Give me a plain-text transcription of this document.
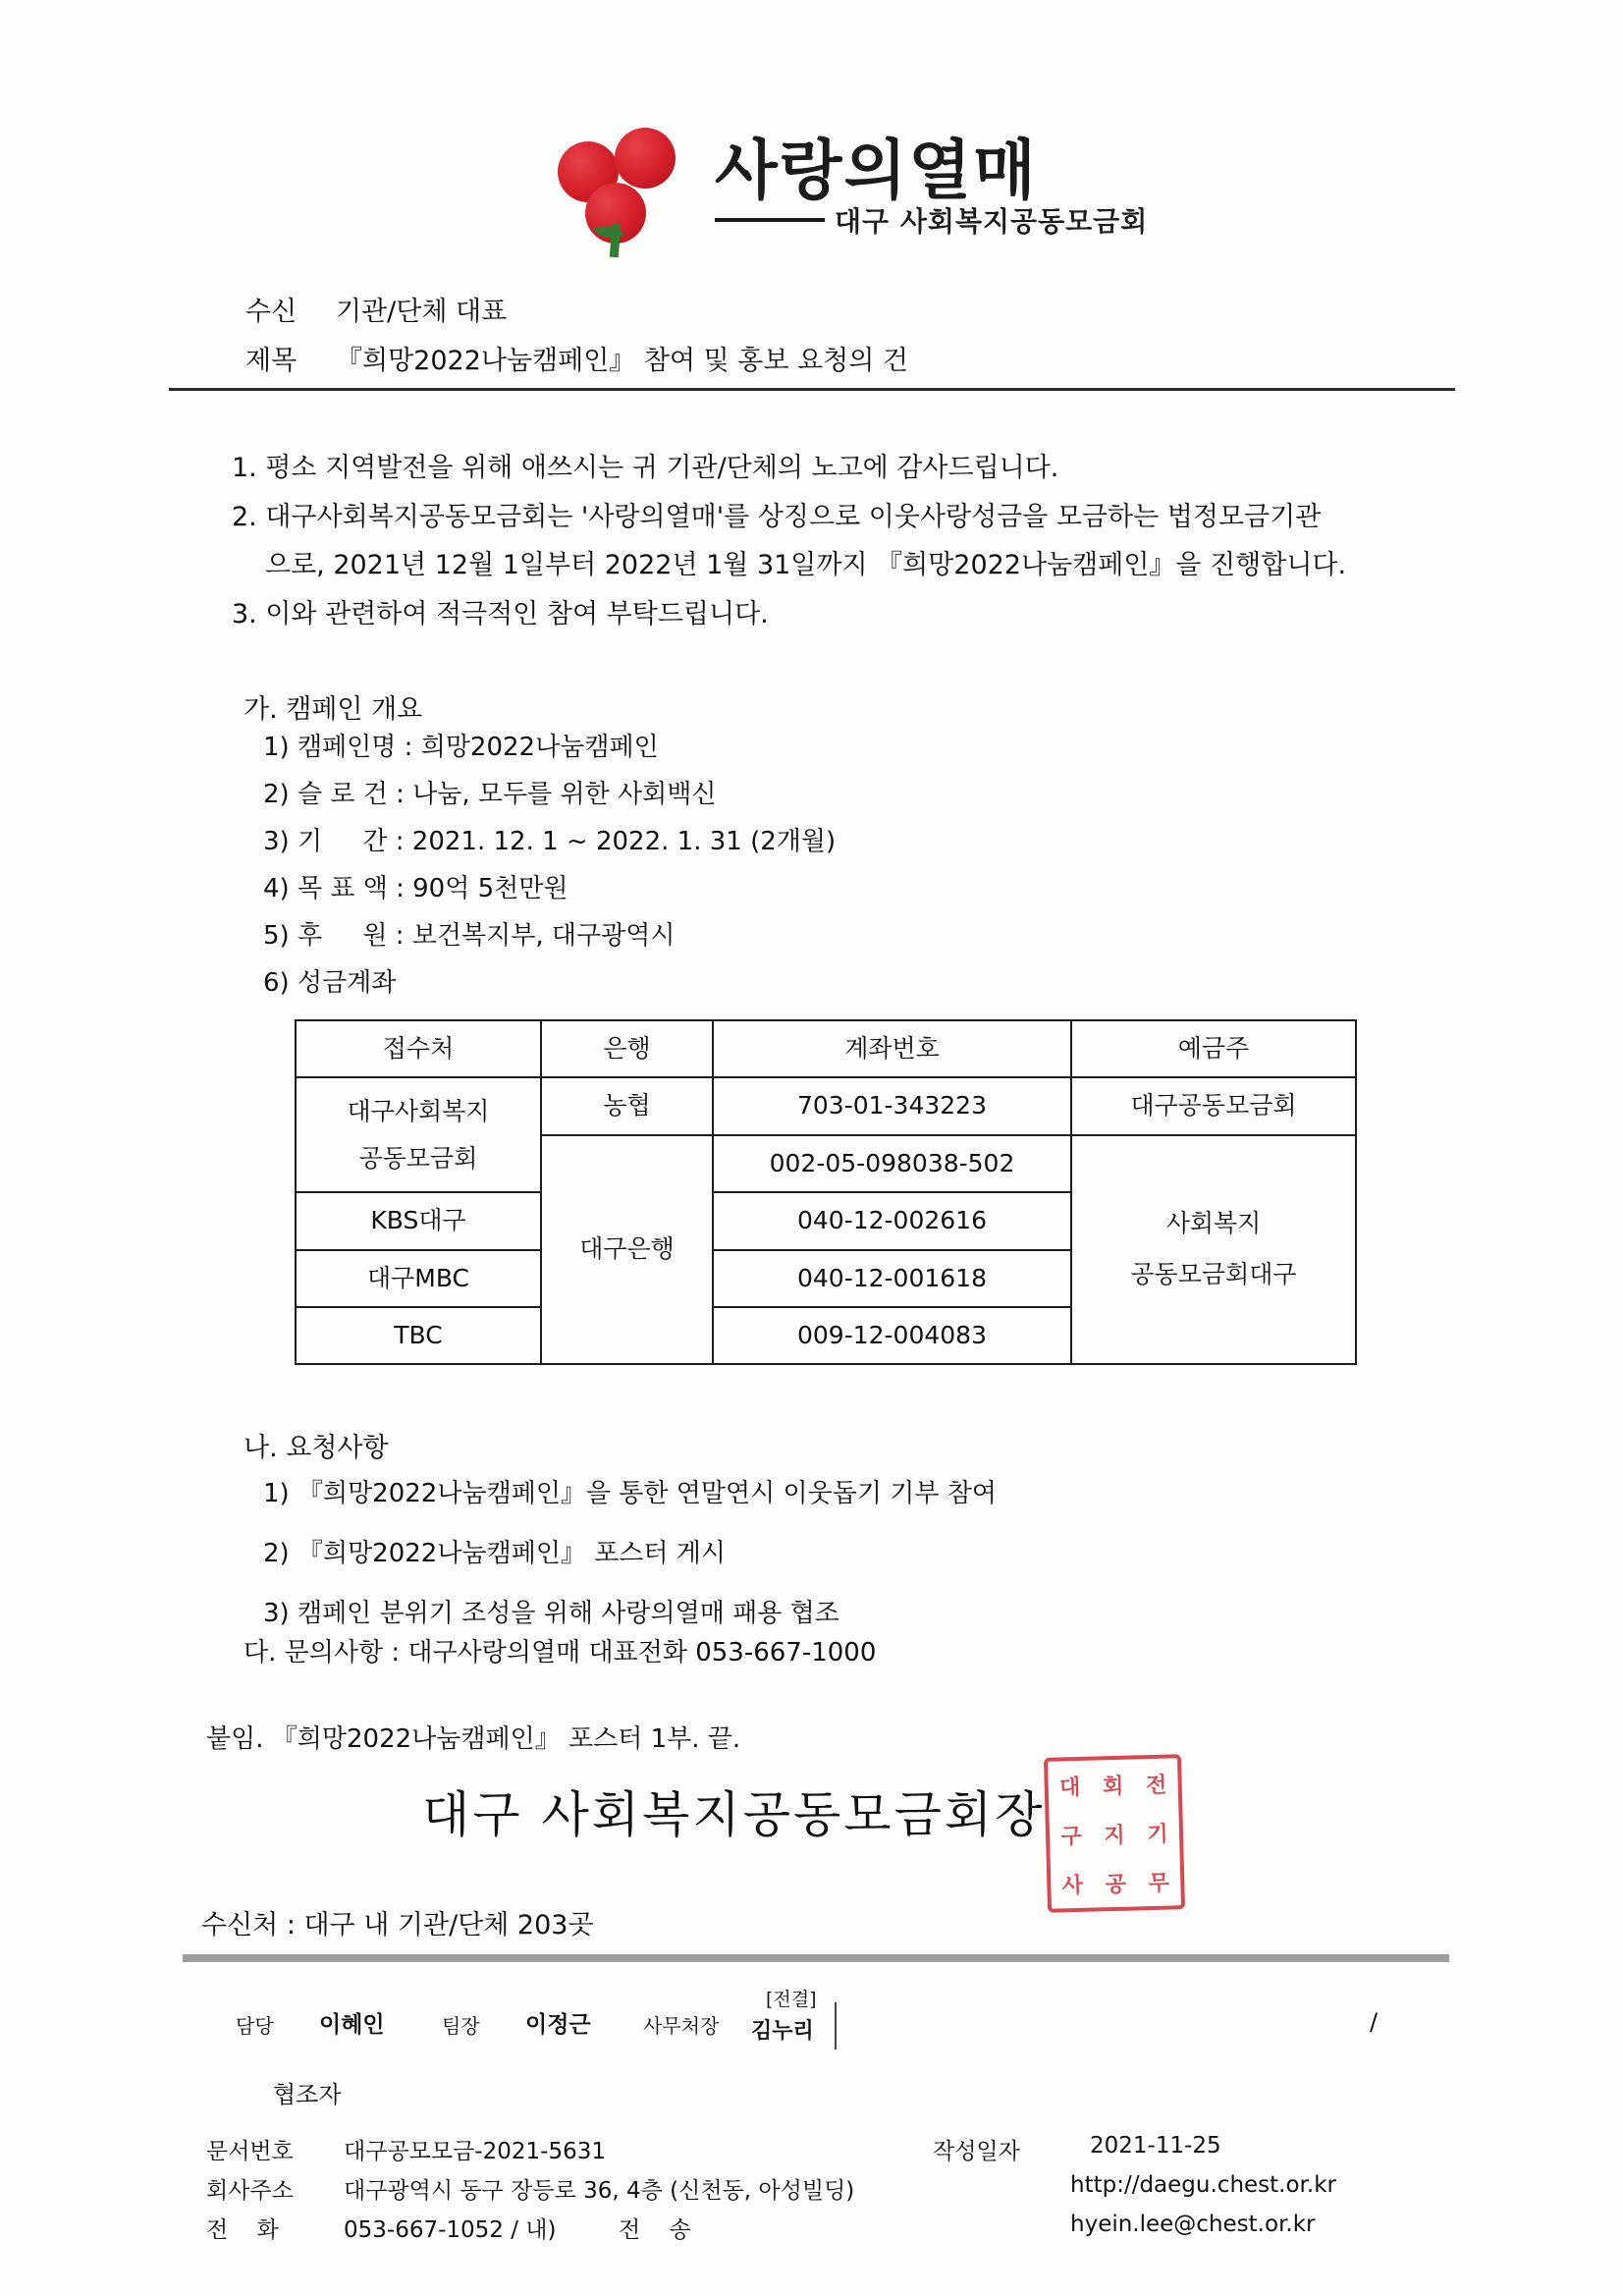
사랑의열매
대구 사회복지공동모금회
수신 기관/단체 대표
제목 『희망2022나눔캠페인』 참여 및 홍보 요청의 건
1. 평소 지역발전을 위해 애쓰시는 귀 기관/단체의 노고에 감사드립니다.
2. 대구사회복지공동모금회는 '사랑의열매'를 상징으로 이웃사랑성금을 모금하는 법정모금기관
으로, 2021년 12월 1일부터 2022년 1월 31일까지 『희망2022나눔캠페인』을 진행합니다.
3. 이와 관련하여 적극적인 참여 부탁드립니다.
가. 캠페인 개요
1) 캠페인명 : 희망2022나눔캠페인
2) 슬 로 건 : 나눔, 모두를 위한 사회백신
3) 기     간 : 2021. 12. 1 ~ 2022. 1. 31 (2개월)
4) 목 표 액 : 90억 5천만원
5) 후     원 : 보건복지부, 대구광역시
6) 성금계좌
접수처	은행	계좌번호	예금주

대구사회복지
공동모금회	농협	703-01-343223	대구공동모금회
	대구은행	002-05-098038-502	사회복지
공동모금회대구

KBS대구		040-12-002616	
대구MBC		040-12-001618	
TBC		009-12-004083	
나. 요청사항
1) 『희망2022나눔캠페인』을 통한 연말연시 이웃돕기 기부 참여
2) 『희망2022나눔캠페인』 포스터 게시
3) 캠페인 분위기 조성을 위해 사랑의열매 패용 협조
다. 문의사항 : 대구사랑의열매 대표전화 053-667-1000
붙임. 『희망2022나눔캠페인』 포스터 1부. 끝.
대구 사회복지공동모금회장 대	회	전
구	지	기
사	공	무
수신처 : 대구 내 기관/단체 203곳
담당 이혜인	팀장 이정근	사무처장
[전결]
김누리	/
협조자
문서번호	대구공모모금-2021-5631	작성일자	2021-11-25
회사주소	대구광역시 동구 장등로 36, 4층 (신천동, 아성빌딩)	http://daegu.chest.or.kr
전    화	053-667-1052 / 내)	전    송	hyein.lee@chest.or.kr
